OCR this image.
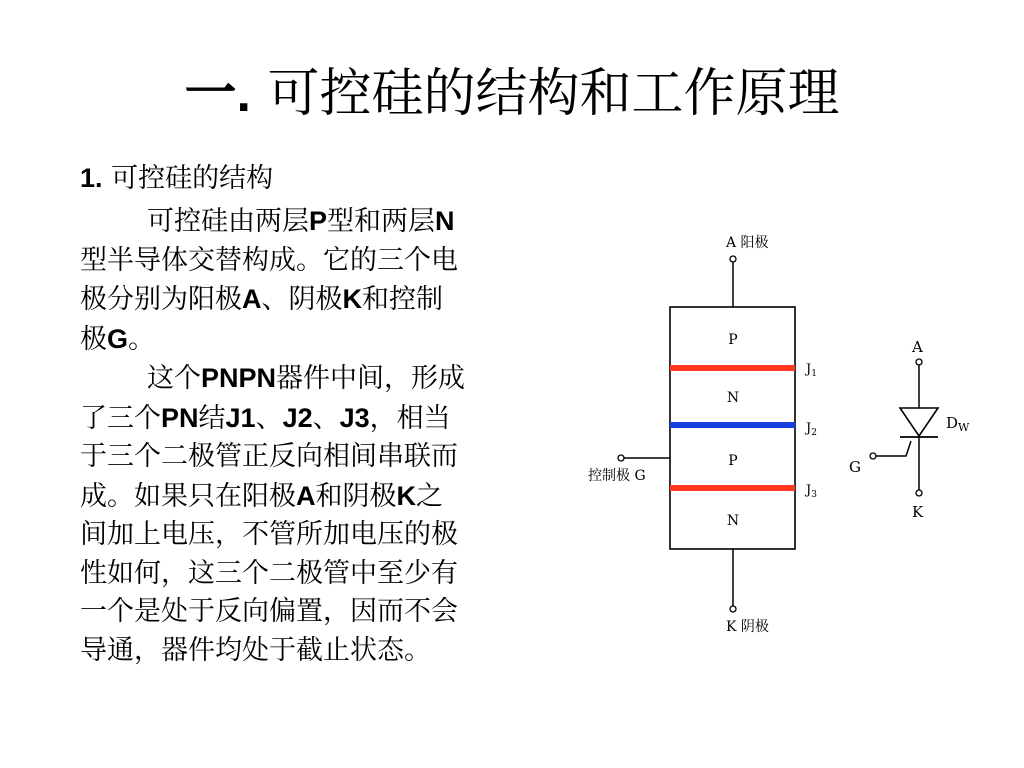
一. 可控硅的结构和工作原理

1. 可控硅的结构

可控硅由两层P型和两层N
型半导体交替构成。它的三个电
极分别为阳极A、阴极K和控制
极G。
这个PNPN器件中间，形成
了三个PN结J1、J2、J3，相当
于三个二极管正反向相间串联而
成。如果只在阳极A和阴极K之
间加上电压，不管所加电压的极
性如何，这三个二极管中至少有
一个是处于反向偏置，因而不会
导通，器件均处于截止状态。
A 阳极
P
N
P
N
$J_1$
$J_2$
$J_3$
控制极 G
K 阴极
A
G
K
$D_W$
